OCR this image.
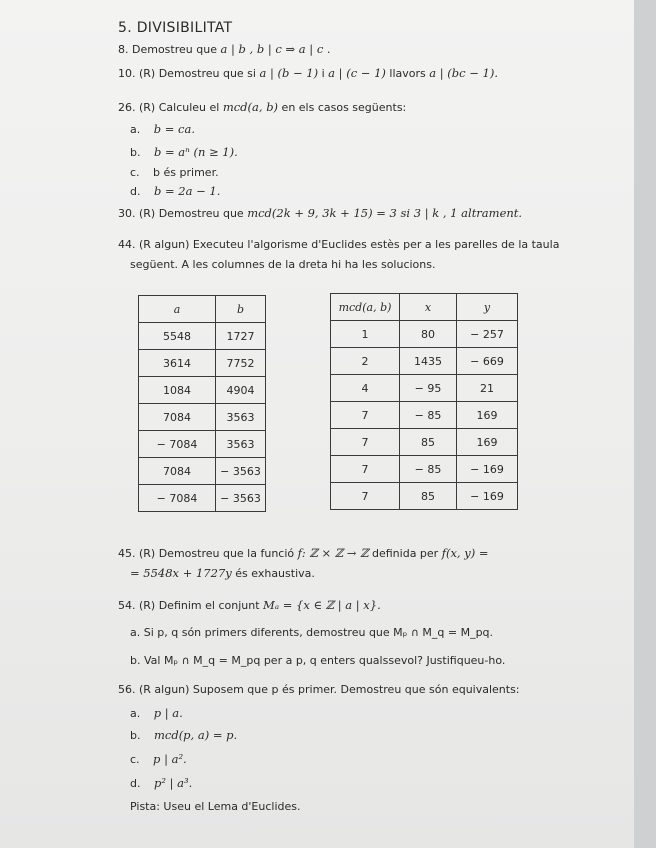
5. DIVISIBILITAT
8. Demostreu que a | b , b | c ⇒ a | c .
10. (R) Demostreu que si a | (b − 1) i a | (c − 1) llavors a | (bc − 1).
26. (R) Calculeu el mcd(a, b) en els casos següents:
a. b = ca.
b. b = aⁿ (n ≥ 1).
c. b és primer.
d. b = 2a − 1.
30. (R) Demostreu que mcd(2k + 9, 3k + 15) = 3 si 3 | k , 1 altrament.
44. (R algun) Executeu l'algorisme d'Euclides estès per a les parelles de la taula
següent. A les columnes de la dreta hi ha les solucions.
a	b
5548	1727
3614	7752
1084	4904
7084	3563
− 7084	3563
7084	− 3563
− 7084	− 3563
mcd(a, b)	x	y
1	80	− 257
2	1435	− 669
4	− 95	21
7	− 85	169
7	85	169
7	− 85	− 169
7	85	− 169
45. (R) Demostreu que la funció f: ℤ × ℤ → ℤ definida per f(x, y) =
= 5548x + 1727y és exhaustiva.
54. (R) Definim el conjunt Mₐ = {x ∈ ℤ | a | x}.
a. Si p, q són primers diferents, demostreu que Mₚ ∩ M_q = M_pq.
b. Val Mₚ ∩ M_q = M_pq per a p, q enters qualssevol? Justifiqueu-ho.
56. (R algun) Suposem que p és primer. Demostreu que són equivalents:
a. p | a.
b. mcd(p, a) = p.
c. p | a².
d. p² | a³.
Pista: Useu el Lema d'Euclides.
